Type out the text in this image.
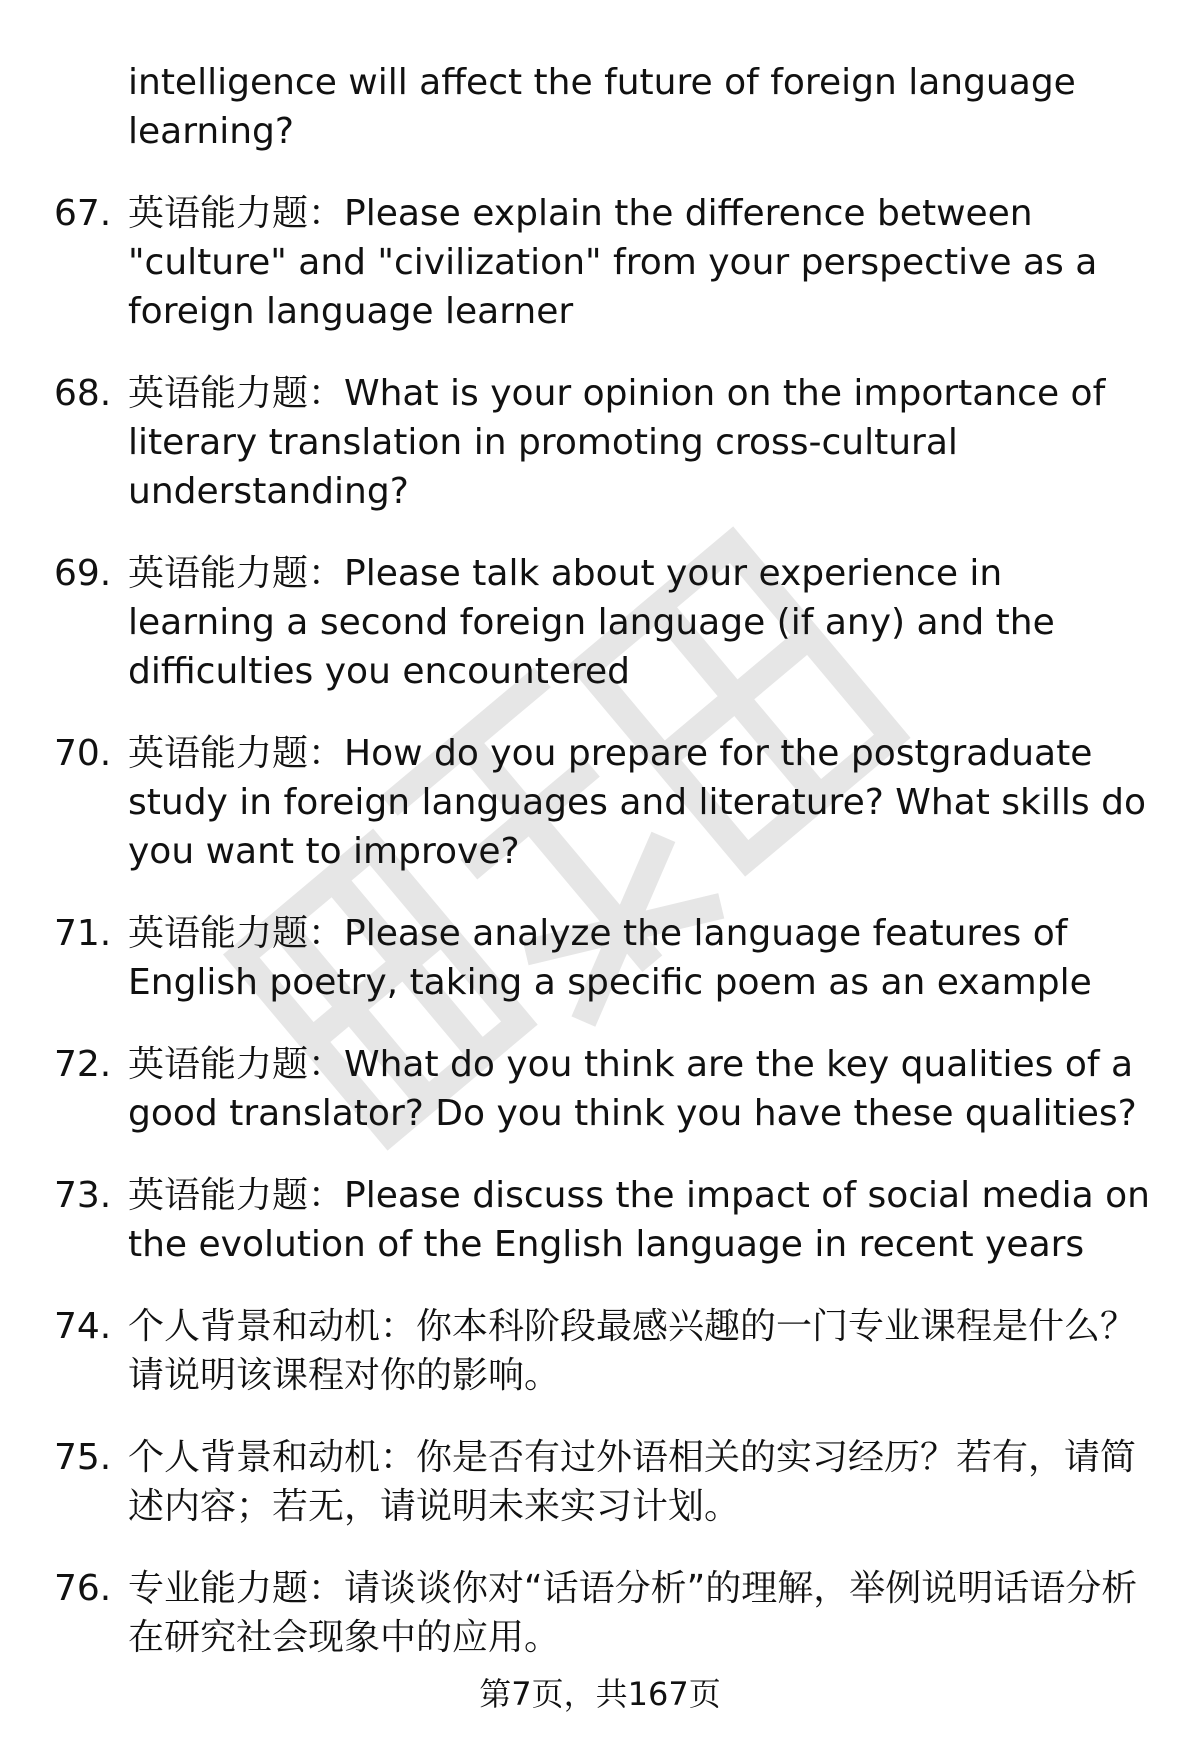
intelligence will affect the future of foreign language learning?
67. 英语能力题：Please explain the difference between "culture" and "civilization" from your perspective as a foreign language learner
68. 英语能力题：What is your opinion on the importance of literary translation in promoting cross-cultural understanding?
69. 英语能力题：Please talk about your experience in learning a second foreign language (if any) and the difficulties you encountered
70. 英语能力题：How do you prepare for the postgraduate study in foreign languages and literature? What skills do you want to improve?
71. 英语能力题：Please analyze the language features of English poetry, taking a specific poem as an example
72. 英语能力题：What do you think are the key qualities of a good translator? Do you think you have these qualities?
73. 英语能力题：Please discuss the impact of social media on the evolution of the English language in recent years
74. 个人背景和动机：你本科阶段最感兴趣的一门专业课程是什么？请说明该课程对你的影响。
75. 个人背景和动机：你是否有过外语相关的实习经历？若有，请简述内容；若无，请说明未来实习计划。
76. 专业能力题：请谈谈你对“话语分析”的理解，举例说明话语分析在研究社会现象中的应用。
第7页，共167页
